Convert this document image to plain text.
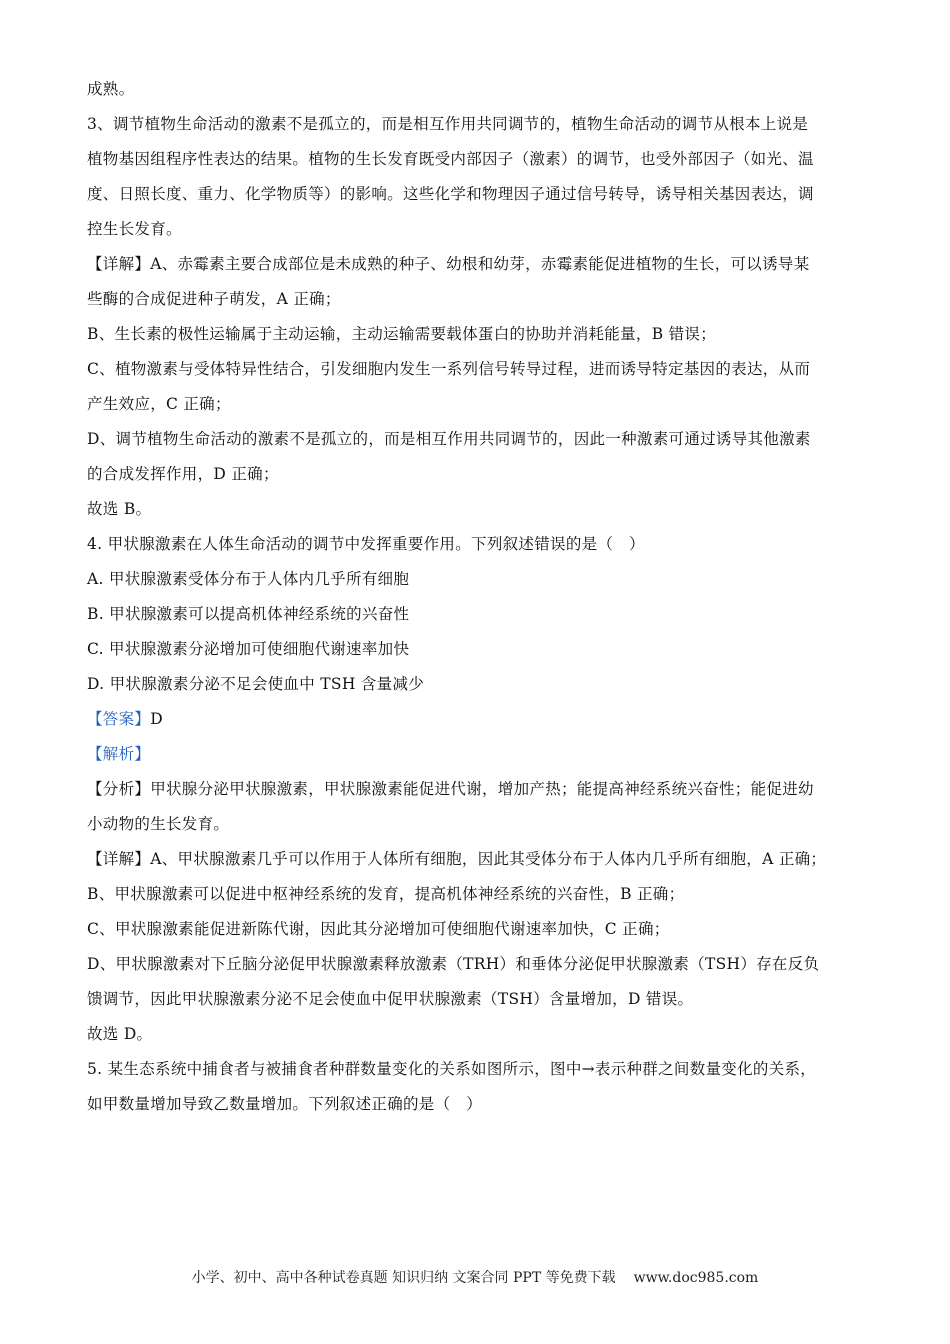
成熟。
3、调节植物生命活动的激素不是孤立的，而是相互作用共同调节的，植物生命活动的调节从根本上说是
植物基因组程序性表达的结果。植物的生长发育既受内部因子（激素）的调节，也受外部因子（如光、温
度、日照长度、重力、化学物质等）的影响。这些化学和物理因子通过信号转导，诱导相关基因表达，调
控生长发育。
【详解】A、赤霉素主要合成部位是未成熟的种子、幼根和幼芽，赤霉素能促进植物的生长，可以诱导某
些酶的合成促进种子萌发，A 正确；
B、生长素的极性运输属于主动运输，主动运输需要载体蛋白的协助并消耗能量，B 错误；
C、植物激素与受体特异性结合，引发细胞内发生一系列信号转导过程，进而诱导特定基因的表达，从而
产生效应，C 正确；
D、调节植物生命活动的激素不是孤立的，而是相互作用共同调节的，因此一种激素可通过诱导其他激素
的合成发挥作用，D 正确；
故选 B。
4. 甲状腺激素在人体生命活动的调节中发挥重要作用。下列叙述错误的是（　）
A. 甲状腺激素受体分布于人体内几乎所有细胞
B. 甲状腺激素可以提高机体神经系统的兴奋性
C. 甲状腺激素分泌增加可使细胞代谢速率加快
D. 甲状腺激素分泌不足会使血中 TSH 含量减少
【答案】D
【解析】
【分析】甲状腺分泌甲状腺激素，甲状腺激素能促进代谢，增加产热；能提高神经系统兴奋性；能促进幼
小动物的生长发育。
【详解】A、甲状腺激素几乎可以作用于人体所有细胞，因此其受体分布于人体内几乎所有细胞，A 正确；
B、甲状腺激素可以促进中枢神经系统的发育，提高机体神经系统的兴奋性，B 正确；
C、甲状腺激素能促进新陈代谢，因此其分泌增加可使细胞代谢速率加快，C 正确；
D、甲状腺激素对下丘脑分泌促甲状腺激素释放激素（TRH）和垂体分泌促甲状腺激素（TSH）存在反负
馈调节，因此甲状腺激素分泌不足会使血中促甲状腺激素（TSH）含量增加，D 错误。
故选 D。
5. 某生态系统中捕食者与被捕食者种群数量变化的关系如图所示，图中→表示种群之间数量变化的关系，
如甲数量增加导致乙数量增加。下列叙述正确的是（　）
小学、初中、高中各种试卷真题 知识归纳 文案合同 PPT 等免费下载 www.doc985.com
